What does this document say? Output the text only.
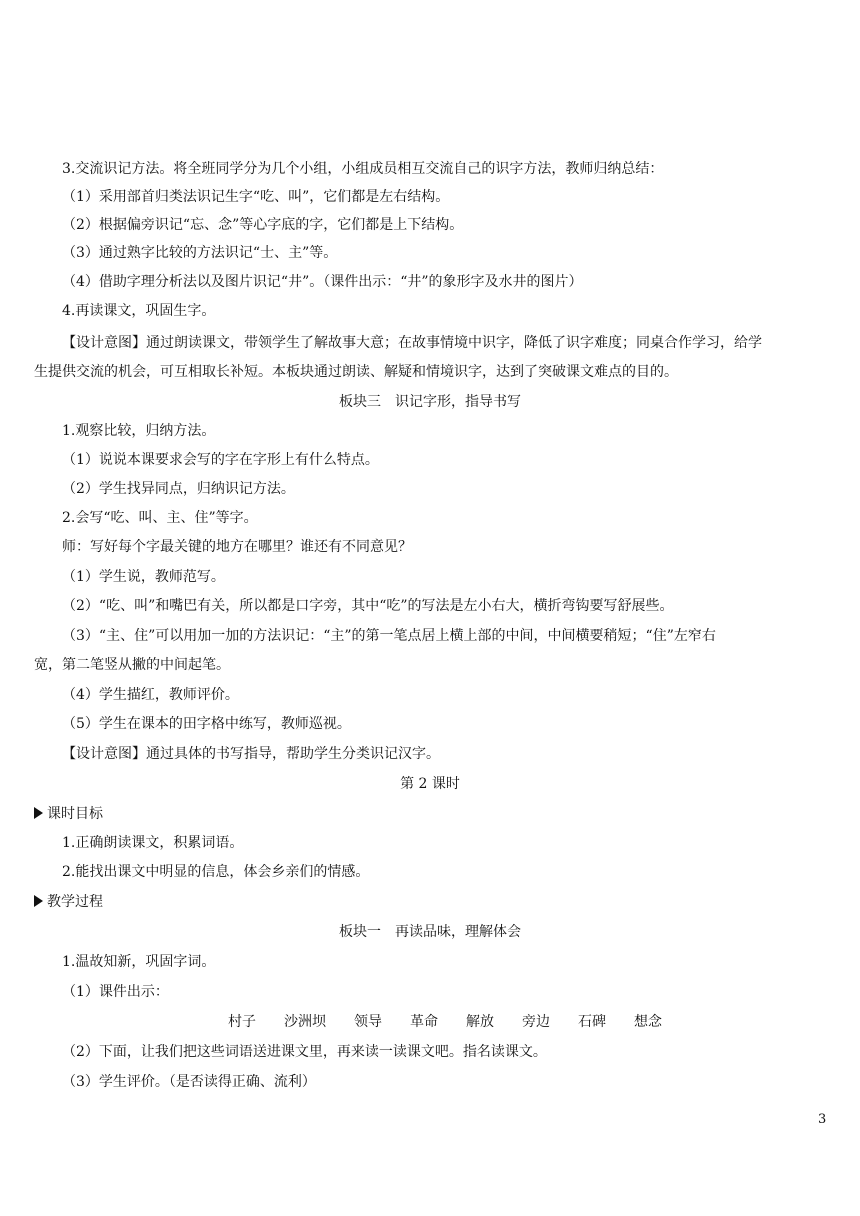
3.交流识记方法。将全班同学分为几个小组，小组成员相互交流自己的识字方法，教师归纳总结：
（1）采用部首归类法识记生字“吃、叫”，它们都是左右结构。
（2）根据偏旁识记“忘、念”等心字底的字，它们都是上下结构。
（3）通过熟字比较的方法识记“士、主”等。
（4）借助字理分析法以及图片识记“井”。（课件出示：“井”的象形字及水井的图片）
4.再读课文，巩固生字。
【设计意图】通过朗读课文，带领学生了解故事大意；在故事情境中识字，降低了识字难度；同桌合作学习，给学
生提供交流的机会，可互相取长补短。本板块通过朗读、解疑和情境识字，达到了突破课文难点的目的。
板块三　识记字形，指导书写
1.观察比较，归纳方法。
（1）说说本课要求会写的字在字形上有什么特点。
（2）学生找异同点，归纳识记方法。
2.会写“吃、叫、主、住”等字。
师：写好每个字最关键的地方在哪里？谁还有不同意见？
（1）学生说，教师范写。
（2）“吃、叫”和嘴巴有关，所以都是口字旁，其中“吃”的写法是左小右大，横折弯钩要写舒展些。
（3）“主、住”可以用加一加的方法识记：“主”的第一笔点居上横上部的中间，中间横要稍短；“住”左窄右
宽，第二笔竖从撇的中间起笔。
（4）学生描红，教师评价。
（5）学生在课本的田字格中练写，教师巡视。
【设计意图】通过具体的书写指导，帮助学生分类识记汉字。
第 2 课时
课时目标
1.正确朗读课文，积累词语。
2.能找出课文中明显的信息，体会乡亲们的情感。
教学过程
板块一　再读品味，理解体会
1.温故知新，巩固字词。
（1）课件出示：
村子 沙洲坝 领导 革命 解放 旁边 石碑 想念
（2）下面，让我们把这些词语送进课文里，再来读一读课文吧。指名读课文。
（3）学生评价。（是否读得正确、流利）
3
